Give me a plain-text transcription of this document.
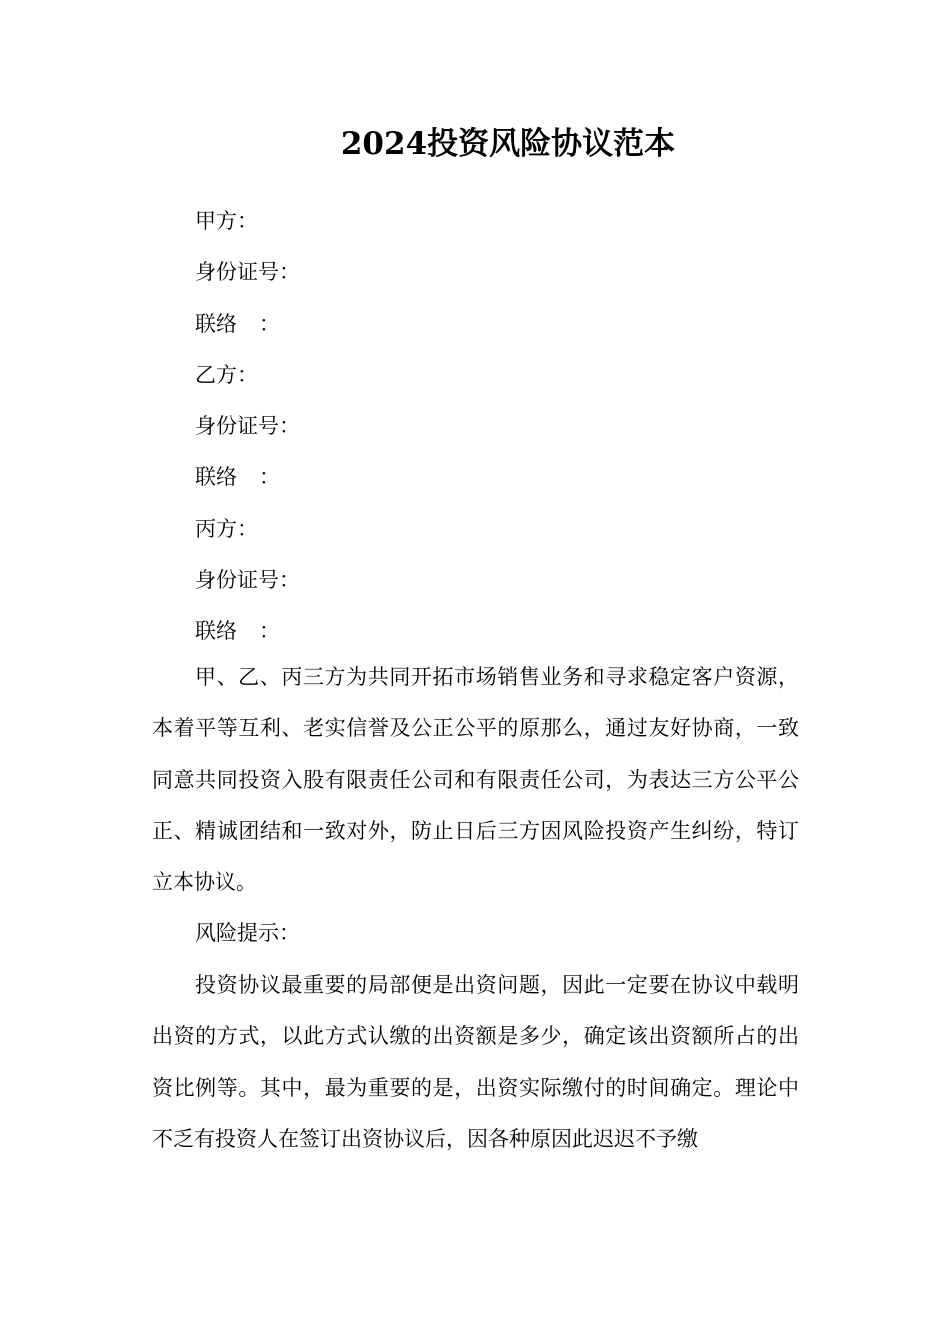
2024投资风险协议范本
甲方：
身份证号：
联络 ：
乙方：
身份证号：
联络 ：
丙方：
身份证号：
联络 ：

甲、乙、丙三方为共同开拓市场销售业务和寻求稳定客户资源，本着平等互利、老实信誉及公正公平的原那么，通过友好协商，一致同意共同投资入股有限责任公司和有限责任公司，为表达三方公平公正、精诚团结和一致对外，防止日后三方因风险投资产生纠纷，特订立本协议。

风险提示：

投资协议最重要的局部便是出资问题，因此一定要在协议中载明出资的方式，以此方式认缴的出资额是多少，确定该出资额所占的出资比例等。其中，最为重要的是，出资实际缴付的时间确定。理论中不乏有投资人在签订出资协议后，因各种原因此迟迟不予缴
